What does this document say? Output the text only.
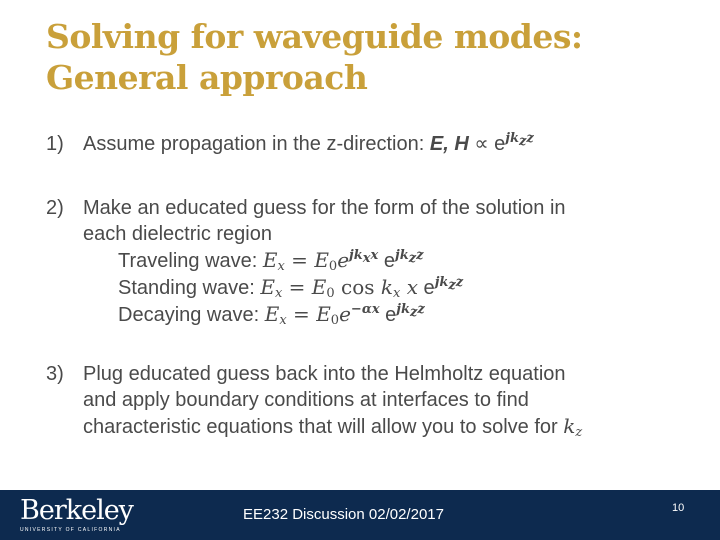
Solving for waveguide modes:
General approach
1) Assume propagation in the z-direction: E, $H \propto e^{jk_zz}$
2) Make an educated guess for the form of the solution in
each dielectric region
Traveling wave: $E_x = E_0e^{jk_xx}$ $e^{jk_zz}$
Standing wave: $E_x = E_0$ $\cos k_x$ x $e^{jk_zz}$
Decaying wave: $E_x = E_0e^{-\alpha x}$ $e^{jk_zz}$
3) Plug educated guess back into the Helmholtz equation
and apply boundary conditions at interfaces to find
characteristic equations that will allow you to solve for $k_z$
Berkeley
UNIVERSITY OF CALIFORNIA
EE232 Discussion 02/02/2017	10
